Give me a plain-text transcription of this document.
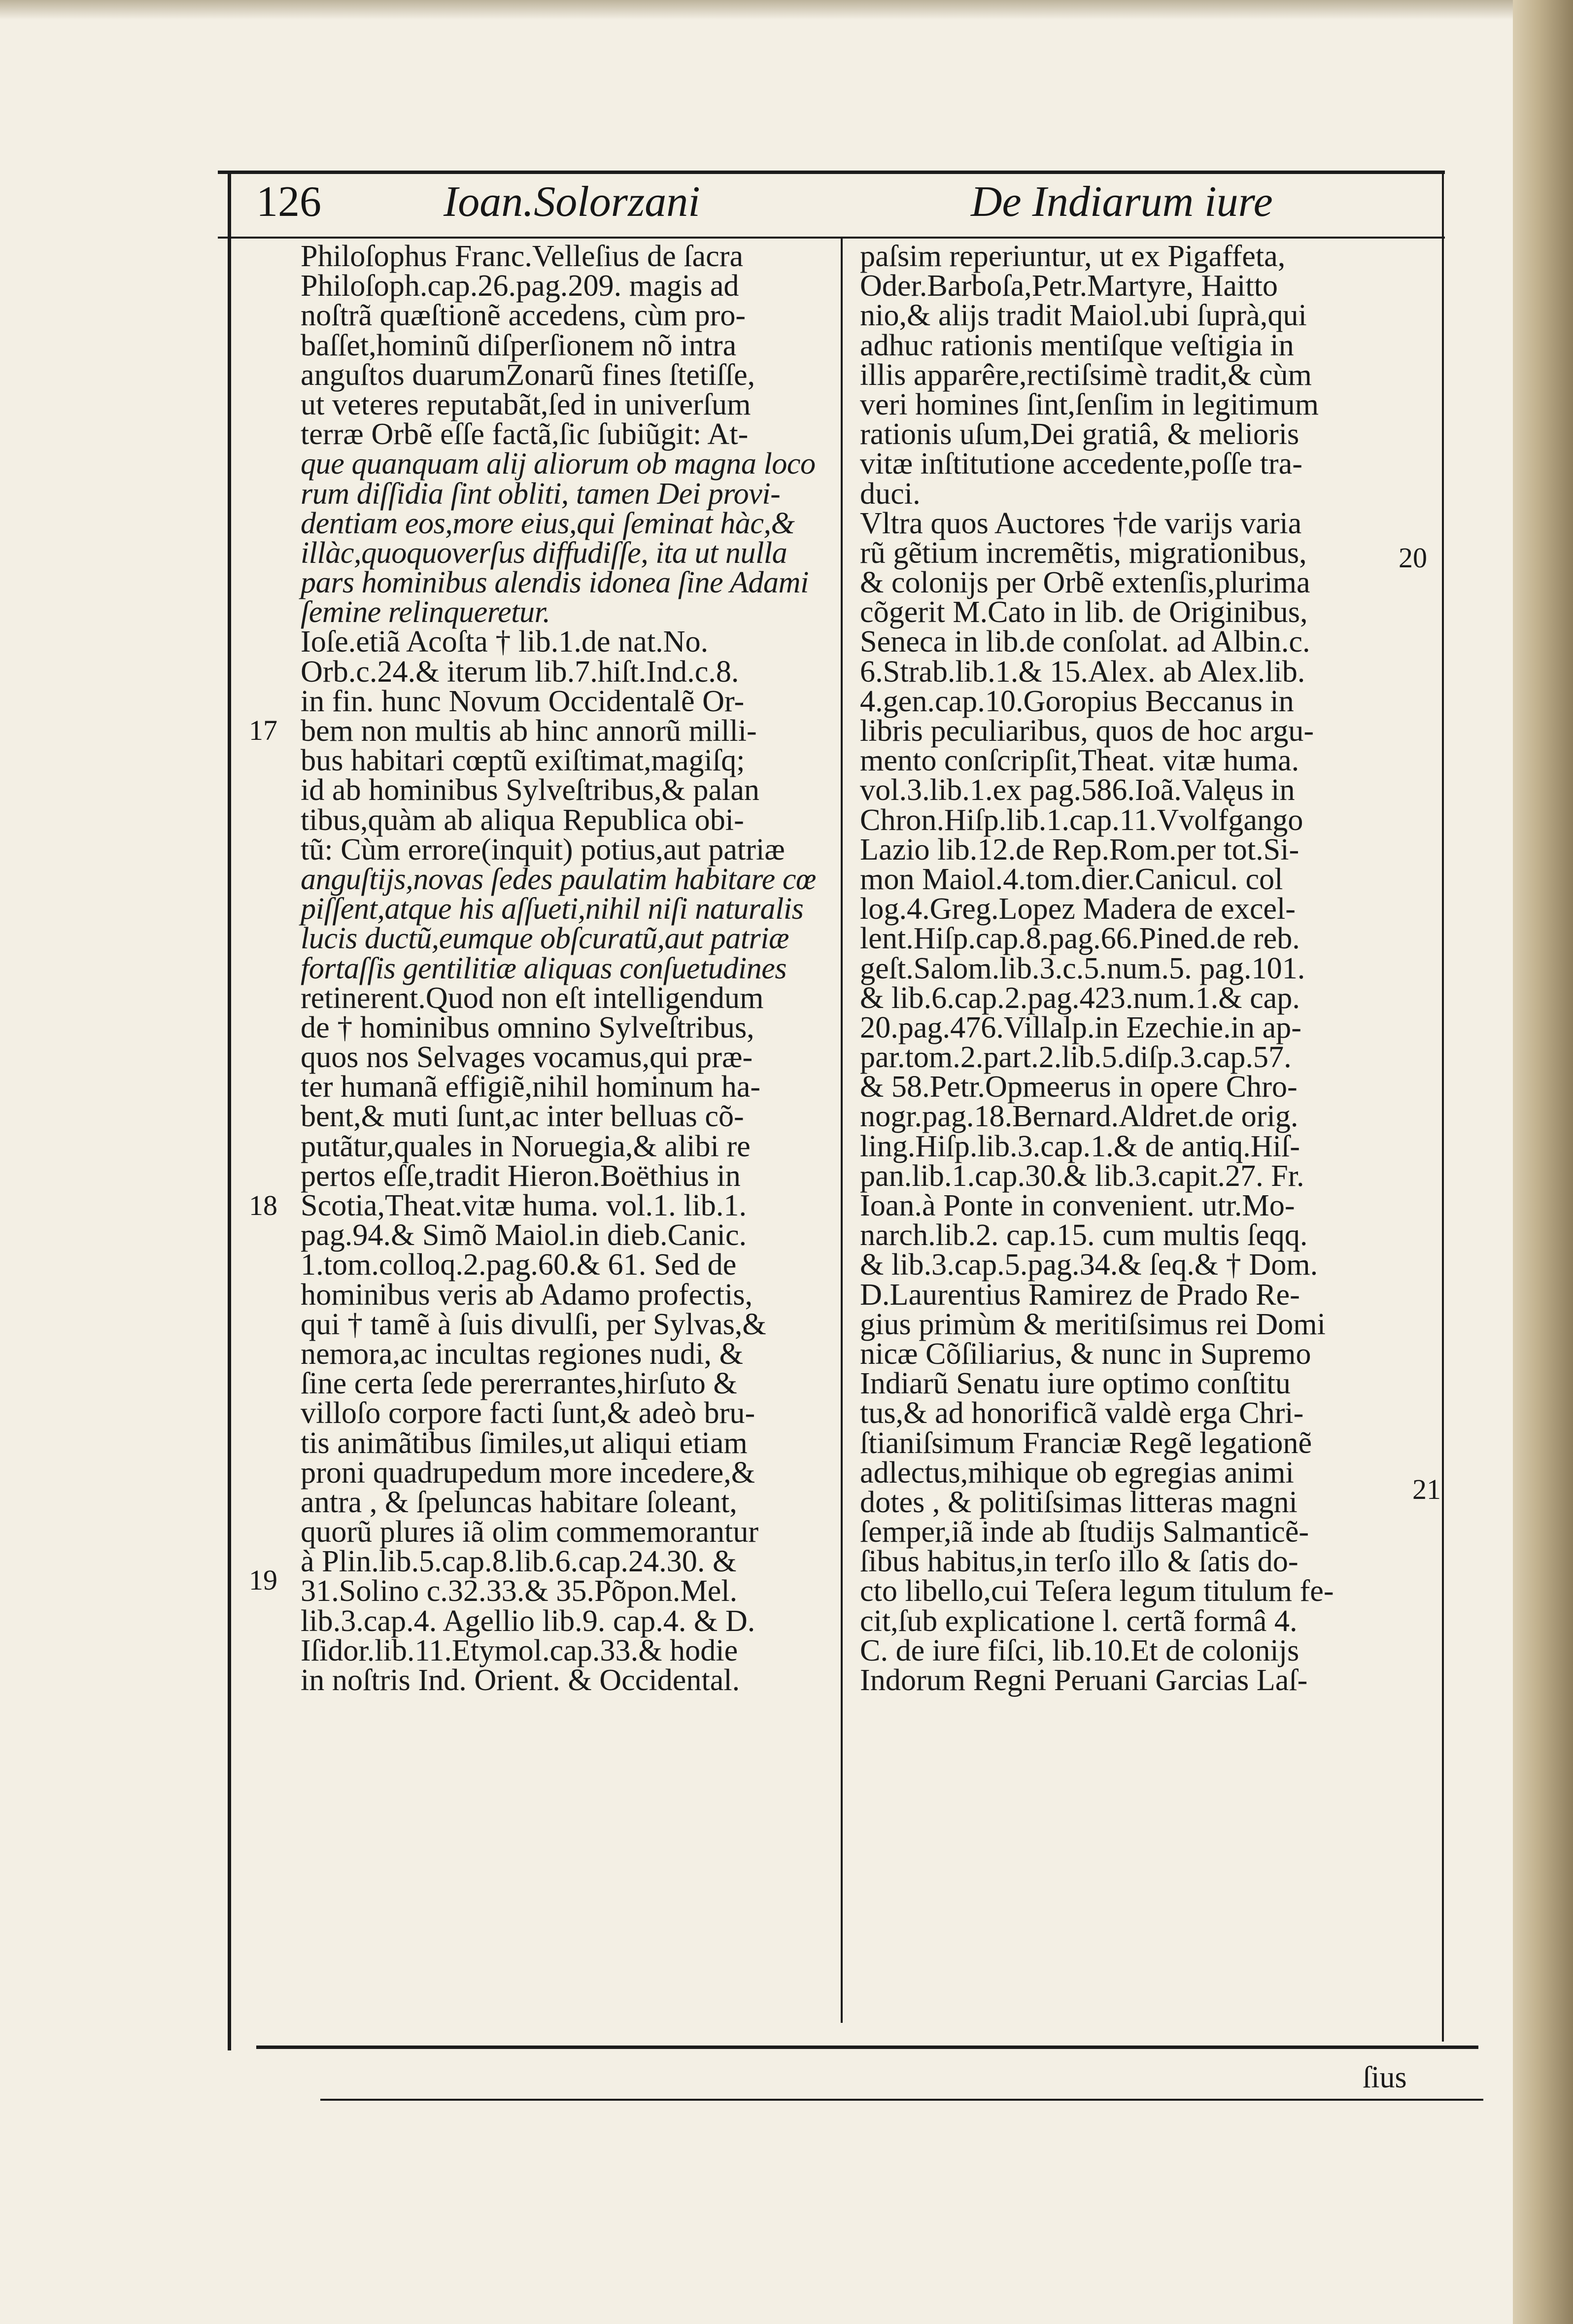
126	Ioan.Solorzani	De Indiarum iure
Philoſophus Franc.Velleſius de ſacra
Philoſoph.cap.26.pag.209. magis ad
noſtrã quæſtionẽ accedens, cùm pro-
baſſet,hominũ diſperſionem nõ intra
anguſtos duarumZonarũ fines ſtetiſſe,
ut veteres reputabãt,ſed in univerſum
terræ Orbẽ eſſe factã,ſic ſubiũgit: At-
que quanquam alij aliorum ob magna loco
rum diſſidia ſint obliti, tamen Dei provi-
dentiam eos,more eius,qui ſeminat hàc,&
illàc,quoquoverſus diffudiſſe, ita ut nulla
pars hominibus alendis idonea ſine Adami
ſemine relinqueretur.
Ioſe.etiã Acoſta † lib.1.de nat.No.
Orb.c.24.& iterum lib.7.hiſt.Ind.c.8.
in fin. hunc Novum Occidentalẽ Or-
bem non multis ab hinc annorũ milli-
bus habitari cœptũ exiſtimat,magiſq;
id ab hominibus Sylveſtribus,& palan
tibus,quàm ab aliqua Republica obi-
tũ: Cùm errore(inquit) potius,aut patriæ
anguſtijs,novas ſedes paulatim habitare cœ
piſſent,atque his aſſueti,nihil niſi naturalis
lucis ductũ,eumque obſcuratũ,aut patriæ
fortaſſis gentilitiæ aliquas conſuetudines
retinerent.Quod non eſt intelligendum
de † hominibus omnino Sylveſtribus,
quos nos Selvages vocamus,qui præ-
ter humanã effigiẽ,nihil hominum ha-
bent,& muti ſunt,ac inter belluas cõ-
putãtur,quales in Noruegia,& alibi re
pertos eſſe,tradit Hieron.Boëthius in
Scotia,Theat.vitæ huma. vol.1. lib.1.
pag.94.& Simõ Maiol.in dieb.Canic.
1.tom.colloq.2.pag.60.& 61. Sed de
hominibus veris ab Adamo profectis,
qui † tamẽ à ſuis divulſi, per Sylvas,&
nemora,ac incultas regiones nudi, &
ſine certa ſede pererrantes,hirſuto &
villoſo corpore facti ſunt,& adeò bru-
tis animãtibus ſimiles,ut aliqui etiam
proni quadrupedum more incedere,&
antra , & ſpeluncas habitare ſoleant,
quorũ plures iã olim commemorantur
à Plin.lib.5.cap.8.lib.6.cap.24.30. &
31.Solino c.32.33.& 35.Põpon.Mel.
lib.3.cap.4. Agellio lib.9. cap.4. & D.
Iſidor.lib.11.Etymol.cap.33.& hodie
in noſtris Ind. Orient. & Occidental.
paſsim reperiuntur, ut ex Pigaffeta,
Oder.Barboſa,Petr.Martyre, Haitto
nio,& alijs tradit Maiol.ubi ſuprà,qui
adhuc rationis mentiſque veſtigia in
illis apparêre,rectiſsimè tradit,& cùm
veri homines ſint,ſenſim in legitimum
rationis uſum,Dei gratiâ, & melioris
vitæ inſtitutione accedente,poſſe tra-
duci.
Vltra quos Auctores †de varijs varia
rũ gẽtium incremẽtis, migrationibus,
& colonijs per Orbẽ extenſis,plurima
cõgerit M.Cato in lib. de Originibus,
Seneca in lib.de conſolat. ad Albin.c.
6.Strab.lib.1.& 15.Alex. ab Alex.lib.
4.gen.cap.10.Goropius Beccanus in
libris peculiaribus, quos de hoc argu-
mento conſcripſit,Theat. vitæ huma.
vol.3.lib.1.ex pag.586.Ioã.Valęus in
Chron.Hiſp.lib.1.cap.11.Vvolfgango
Lazio lib.12.de Rep.Rom.per tot.Si-
mon Maiol.4.tom.dier.Canicul. col
log.4.Greg.Lopez Madera de excel-
lent.Hiſp.cap.8.pag.66.Pined.de reb.
geſt.Salom.lib.3.c.5.num.5. pag.101.
& lib.6.cap.2.pag.423.num.1.& cap.
20.pag.476.Villalp.in Ezechie.in ap-
par.tom.2.part.2.lib.5.diſp.3.cap.57.
& 58.Petr.Opmeerus in opere Chro-
nogr.pag.18.Bernard.Aldret.de orig.
ling.Hiſp.lib.3.cap.1.& de antiq.Hiſ-
pan.lib.1.cap.30.& lib.3.capit.27. Fr.
Ioan.à Ponte in convenient. utr.Mo-
narch.lib.2. cap.15. cum multis ſeqq.
& lib.3.cap.5.pag.34.& ſeq.& † Dom.
D.Laurentius Ramirez de Prado Re-
gius primùm & meritiſsimus rei Domi
nicæ Cõſiliarius, & nunc in Supremo
Indiarũ Senatu iure optimo conſtitu
tus,& ad honorificã valdè erga Chri-
ſtianiſsimum Franciæ Regẽ legationẽ
adlectus,mihique ob egregias animi
dotes , & politiſsimas litteras magni
ſemper,iã inde ab ſtudijs Salmanticẽ-
ſibus habitus,in terſo illo & ſatis do-
cto libello,cui Teſera legum titulum fe-
cit,ſub explicatione l. certã formâ 4.
C. de iure fiſci, lib.10.Et de colonijs
Indorum Regni Peruani Garcias Laſ-
17
18
19
20
21
ſius
